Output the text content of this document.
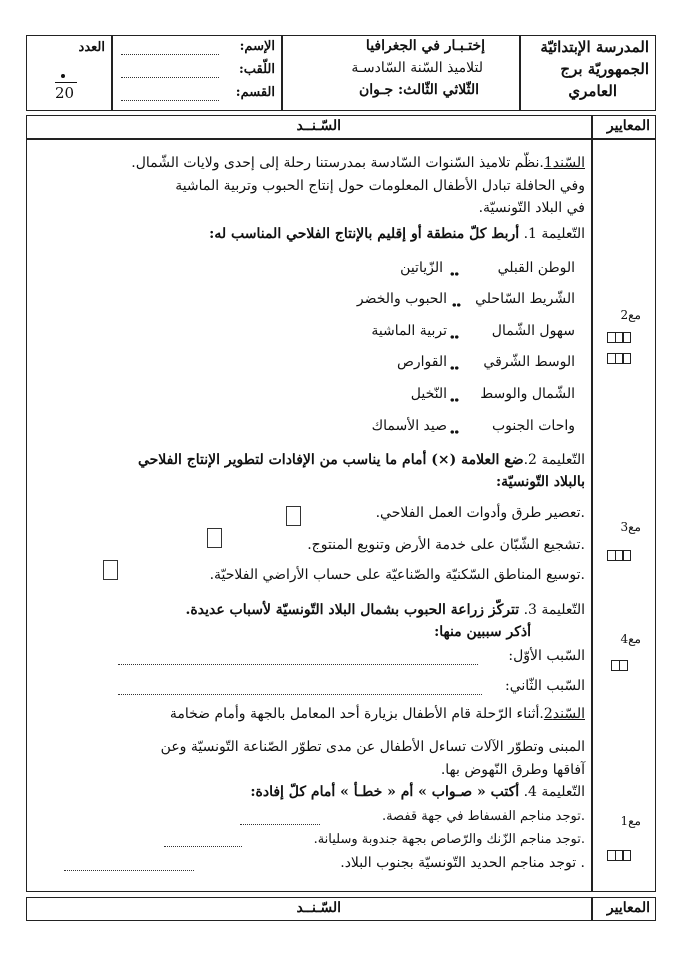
المدرسة الإبتدائيّة
الجمهوريّة برج
العامري
إختـبـار في الجغرافيا
لتلاميذ السّنة السّادسـة
الثّلاثي الثّالث: جـوان
الإسم:
اللّقب:
القسم:
العدد
20
السّـنــد	المعايير
السّند1.نظّم تلاميذ السّنوات السّادسة بمدرستنا رحلة إلى إحدى ولايات الشّمال.
وفي الحافلة تبادل الأطفال المعلومات حول إنتاج الحبوب وتربية الماشية
في البلاد التّونسيّة.
التّعليمة 1. أربط كلّ منطقة أو إقليم بالإنتاج الفلاحي المناسب له:
الوطن القبلي
الشّريط السّاحلي
سهول الشّمال
الوسط الشّرقي
الشّمال والوسط
واحات الجنوب
الزّياتين
الحبوب والخضر
تربية الماشية
القوارص
النّخيل
صيد الأسماك
مع2
التّعليمة 2.ضع العلامة (×) أمام ما يناسب من الإفادات لتطوير الإنتاج الفلاحي
بالبلاد التّونسيّة:
.تعصير طرق وأدوات العمل الفلاحي.
.تشجيع الشّبّان على خدمة الأرض وتنويع المنتوج.
.توسيع المناطق السّكنيّة والصّناعيّة على حساب الأراضي الفلاحيّة.
مع3
التّعليمة 3. تتركّز زراعة الحبوب بشمال البلاد التّونسيّة لأسباب عديدة.
أذكر سببين منها:
السّبب الأوّل:
السّبب الثّاني:
مع4
السّند2.أثناء الرّحلة قام الأطفال بزيارة أحد المعامل بالجهة وأمام ضخامة
المبنى وتطوّر الآلات تساءل الأطفال عن مدى تطوّر الصّناعة التّونسيّة وعن
آفاقها وطرق النّهوض بها.
التّعليمة 4. أكتب « صـواب » أم « خطـأ » أمام كلّ إفادة:
.توجد مناجم الفسفاط في جهة قفصة.
.توجد مناجم الزّنك والرّصاص بجهة جندوبة وسليانة.
. توجد مناجم الحديد التّونسيّة بجنوب البلاد.
مع1
السّـنــد	المعايير
